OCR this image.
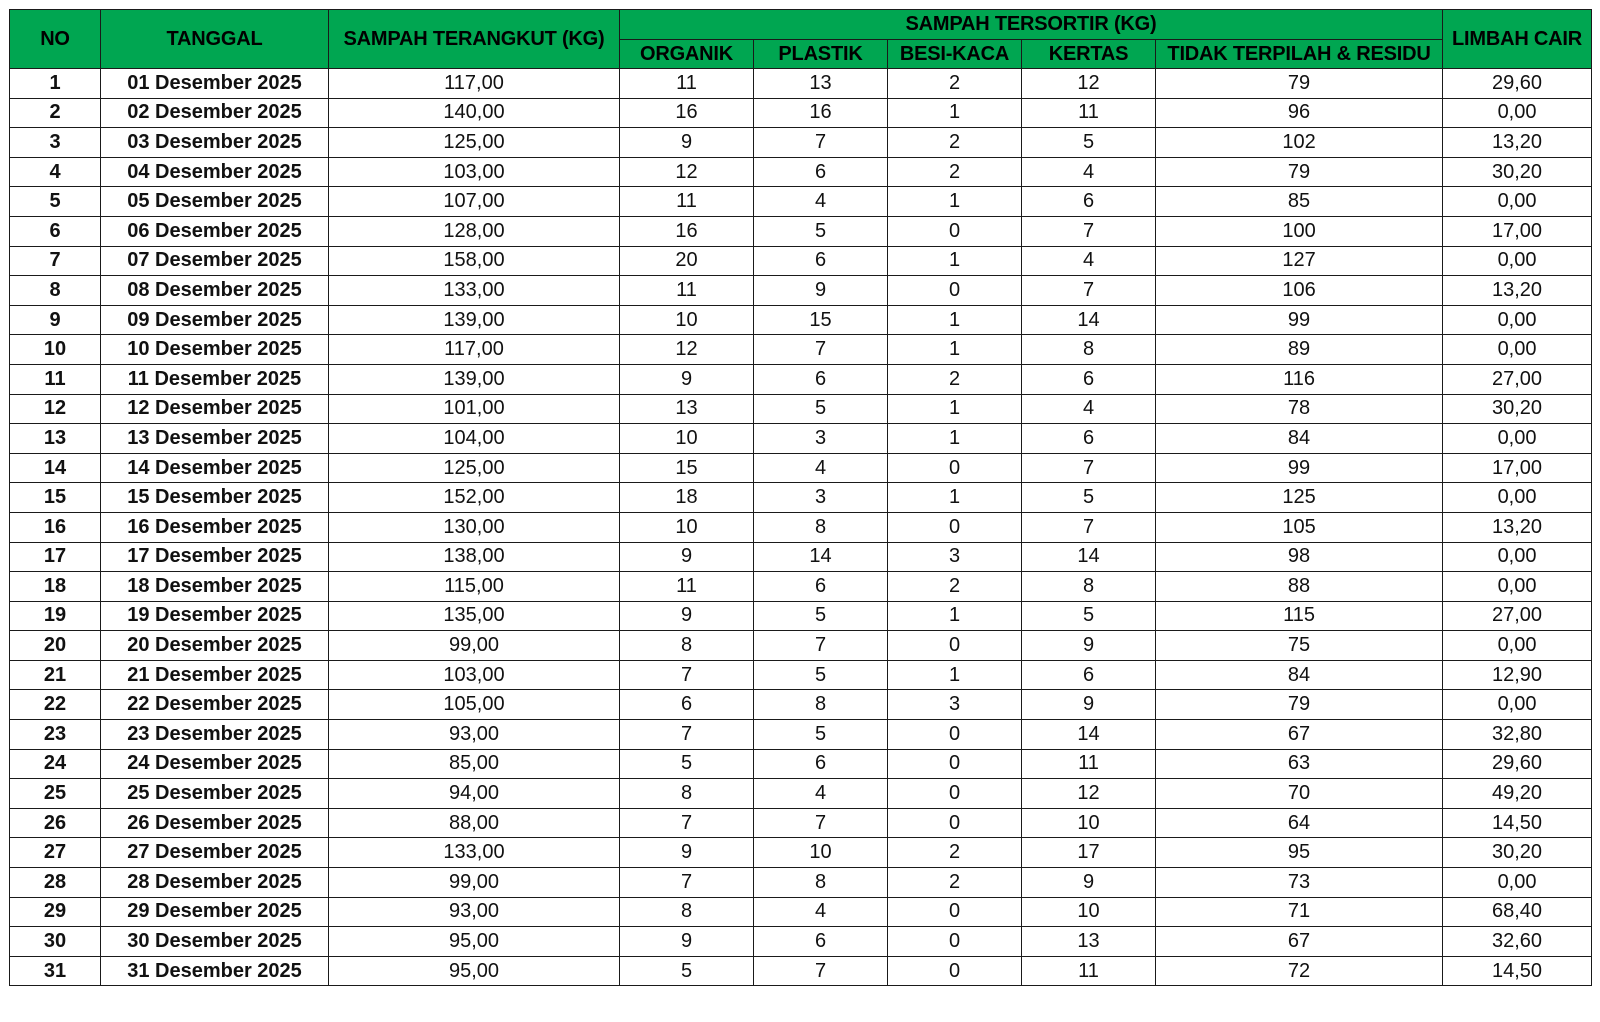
NO	TANGGAL	SAMPAH TERANGKUT (KG)	SAMPAH TERSORTIR (KG)					LIMBAH CAIR
			ORGANIK	PLASTIK	BESI-KACA	KERTAS	TIDAK TERPILAH & RESIDU	
1	01 Desember 2025	117,00	11	13	2	12	79	29,60
2	02 Desember 2025	140,00	16	16	1	11	96	0,00
3	03 Desember 2025	125,00	9	7	2	5	102	13,20
4	04 Desember 2025	103,00	12	6	2	4	79	30,20
5	05 Desember 2025	107,00	11	4	1	6	85	0,00
6	06 Desember 2025	128,00	16	5	0	7	100	17,00
7	07 Desember 2025	158,00	20	6	1	4	127	0,00
8	08 Desember 2025	133,00	11	9	0	7	106	13,20
9	09 Desember 2025	139,00	10	15	1	14	99	0,00
10	10 Desember 2025	117,00	12	7	1	8	89	0,00
11	11 Desember 2025	139,00	9	6	2	6	116	27,00
12	12 Desember 2025	101,00	13	5	1	4	78	30,20
13	13 Desember 2025	104,00	10	3	1	6	84	0,00
14	14 Desember 2025	125,00	15	4	0	7	99	17,00
15	15 Desember 2025	152,00	18	3	1	5	125	0,00
16	16 Desember 2025	130,00	10	8	0	7	105	13,20
17	17 Desember 2025	138,00	9	14	3	14	98	0,00
18	18 Desember 2025	115,00	11	6	2	8	88	0,00
19	19 Desember 2025	135,00	9	5	1	5	115	27,00
20	20 Desember 2025	99,00	8	7	0	9	75	0,00
21	21 Desember 2025	103,00	7	5	1	6	84	12,90
22	22 Desember 2025	105,00	6	8	3	9	79	0,00
23	23 Desember 2025	93,00	7	5	0	14	67	32,80
24	24 Desember 2025	85,00	5	6	0	11	63	29,60
25	25 Desember 2025	94,00	8	4	0	12	70	49,20
26	26 Desember 2025	88,00	7	7	0	10	64	14,50
27	27 Desember 2025	133,00	9	10	2	17	95	30,20
28	28 Desember 2025	99,00	7	8	2	9	73	0,00
29	29 Desember 2025	93,00	8	4	0	10	71	68,40
30	30 Desember 2025	95,00	9	6	0	13	67	32,60
31	31 Desember 2025	95,00	5	7	0	11	72	14,50
